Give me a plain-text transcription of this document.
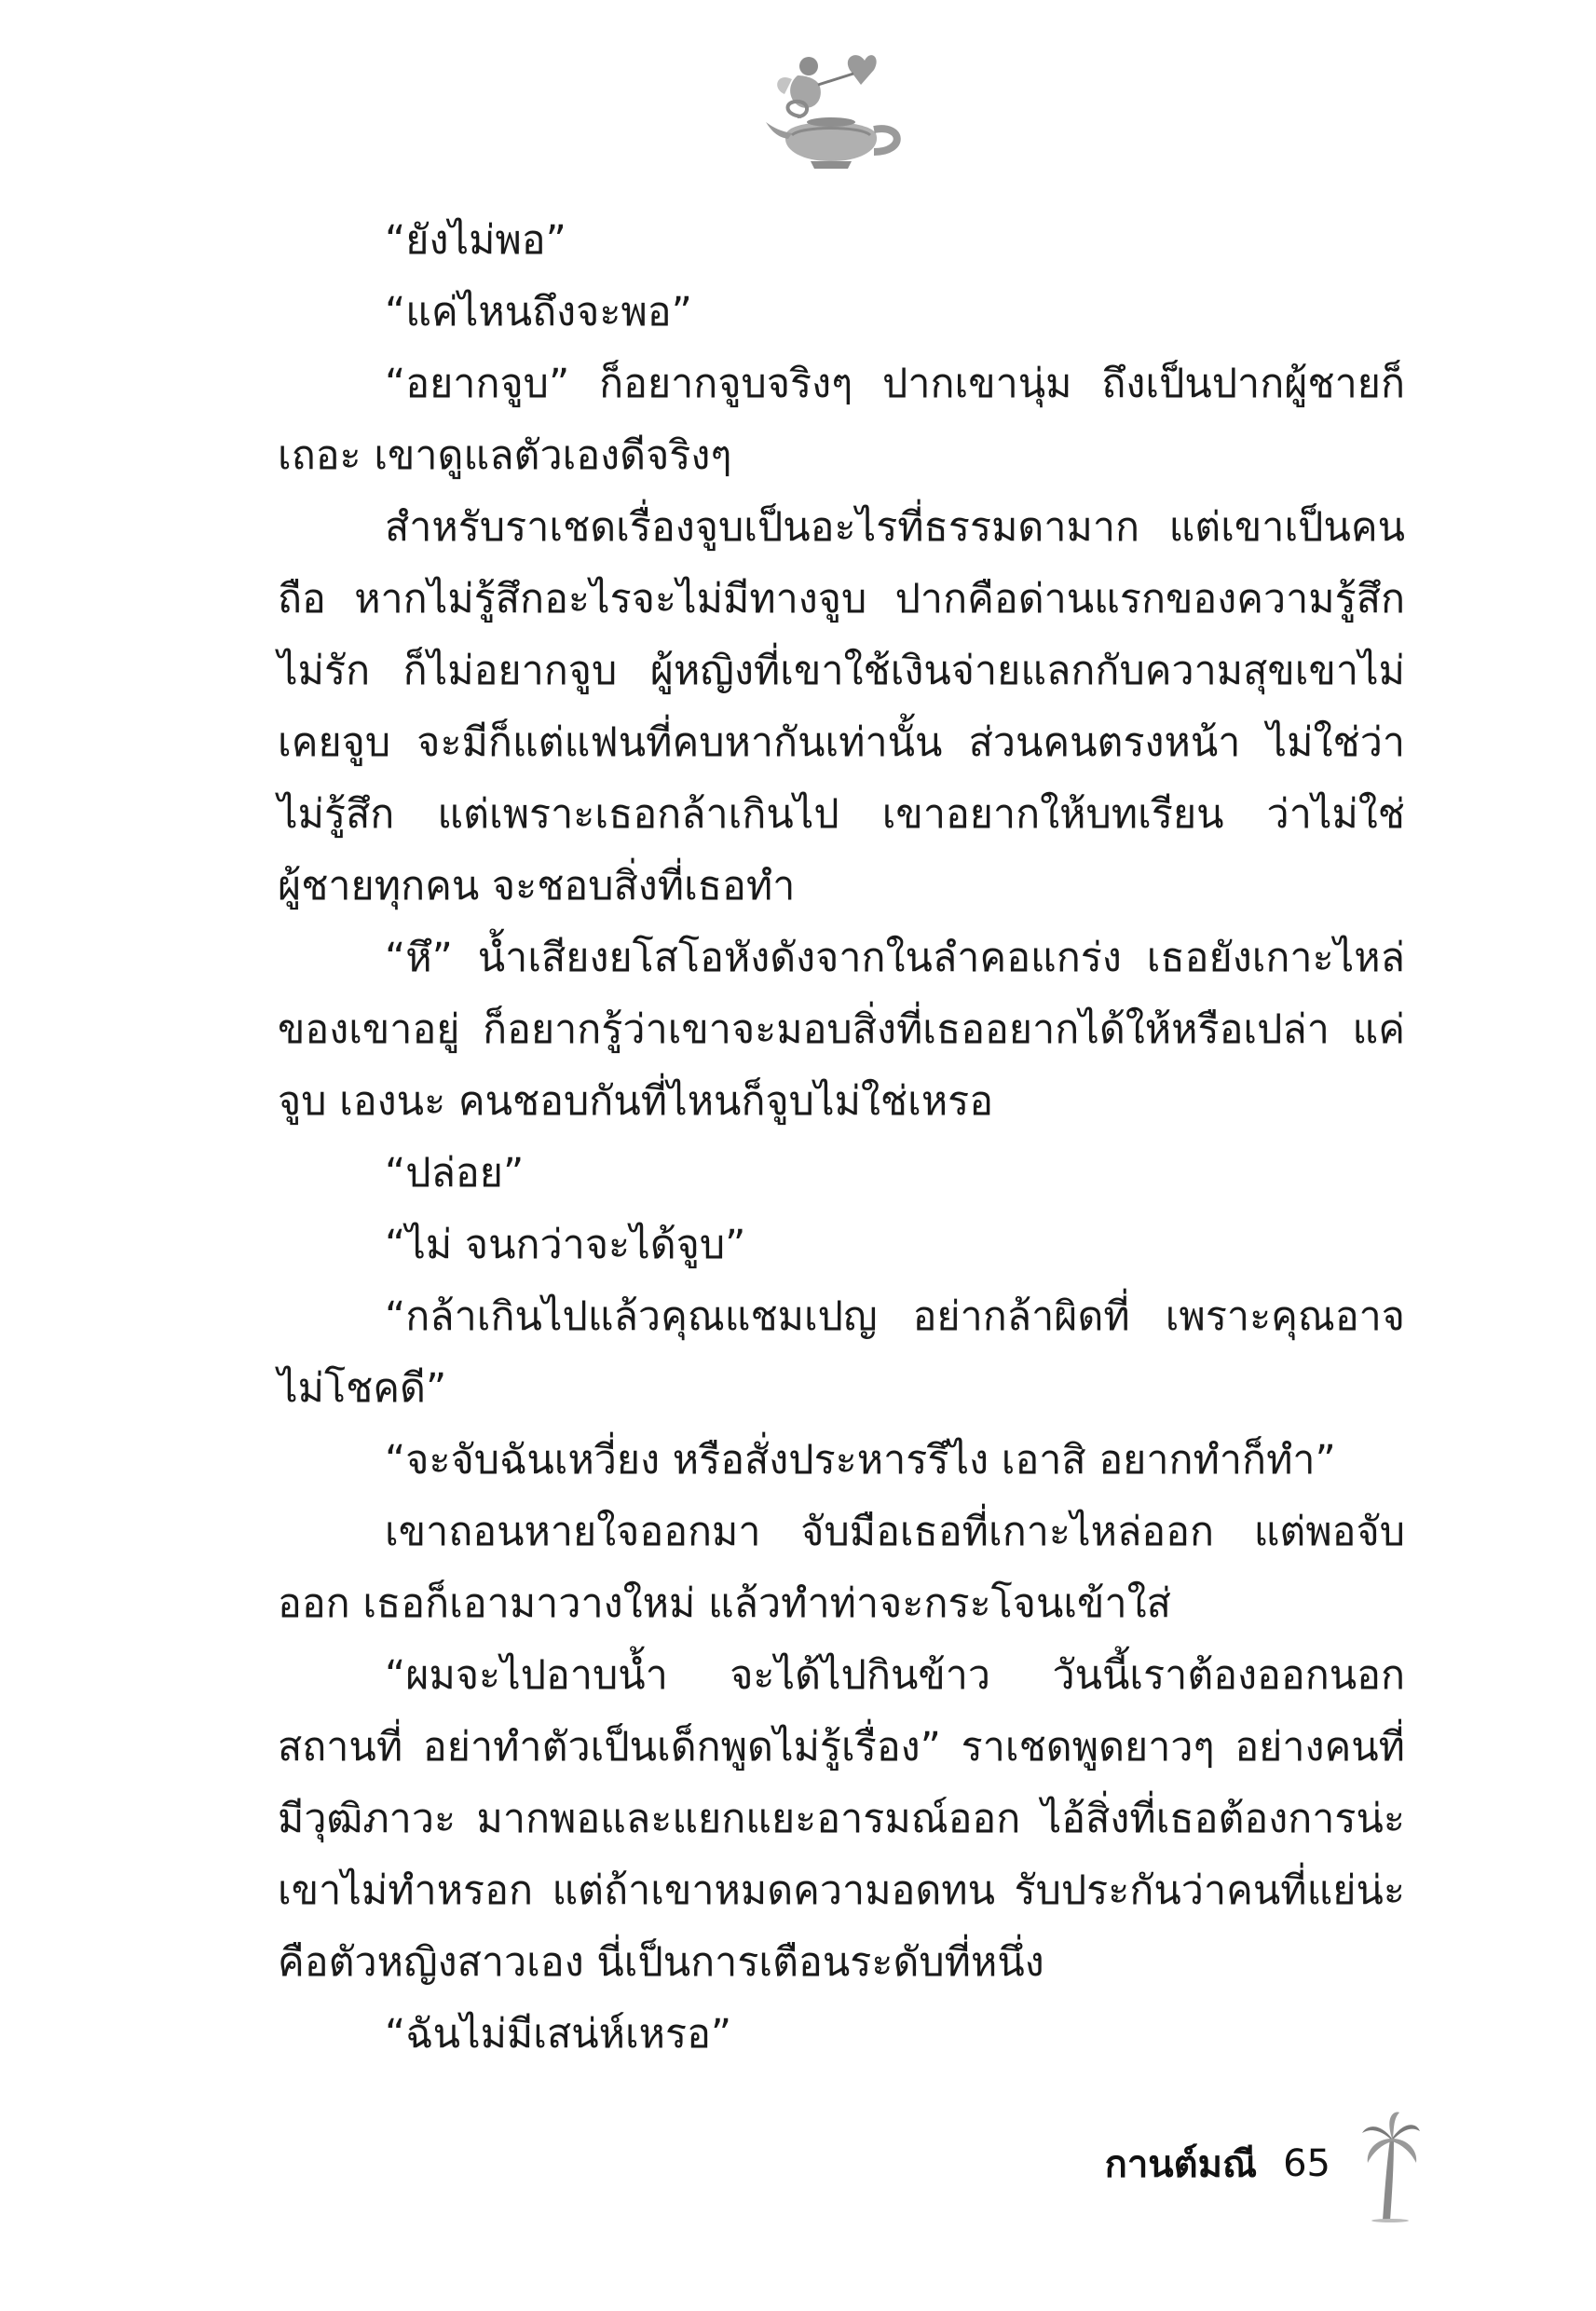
“ยังไม่พอ”

“แค่ไหนถึงจะพอ”

“อยากจูบ” ก็อยากจูบจริงๆ ปากเขานุ่ม ถึงเป็นปากผู้ชายก็เถอะ เขาดูแลตัวเองดีจริงๆ

สำหรับราเชดเรื่องจูบเป็นอะไรที่ธรรมดามาก แต่เขาเป็นคนถือ หากไม่รู้สึกอะไรจะไม่มีทางจูบ ปากคือด่านแรกของความรู้สึก ไม่รัก ก็ไม่อยากจูบ ผู้หญิงที่เขาใช้เงินจ่ายแลกกับความสุขเขาไม่เคยจูบ จะมีก็แต่แฟนที่คบหากันเท่านั้น ส่วนคนตรงหน้า ไม่ใช่ว่าไม่รู้สึก แต่เพราะเธอกล้าเกินไป เขาอยากให้บทเรียน ว่าไม่ใช่ผู้ชายทุกคน จะชอบสิ่งที่เธอทำ

“หึ” น้ำเสียงยโสโอหังดังจากในลำคอแกร่ง เธอยังเกาะไหล่ ของเขาอยู่ ก็อยากรู้ว่าเขาจะมอบสิ่งที่เธออยากได้ให้หรือเปล่า แค่จูบ เองนะ คนชอบกันที่ไหนก็จูบไม่ใช่เหรอ

“ปล่อย”

“ไม่ จนกว่าจะได้จูบ”

“กล้าเกินไปแล้วคุณแชมเปญ อย่ากล้าผิดที่ เพราะคุณอาจ ไม่โชคดี”

“จะจับฉันเหวี่ยง หรือสั่งประหารรึไง เอาสิ อยากทำก็ทำ”

เขาถอนหายใจออกมา จับมือเธอที่เกาะไหล่ออก แต่พอจับออก เธอก็เอามาวางใหม่ แล้วทำท่าจะกระโจนเข้าใส่

“ผมจะไปอาบน้ำ จะได้ไปกินข้าว วันนี้เราต้องออกนอกสถานที่ อย่าทำตัวเป็นเด็กพูดไม่รู้เรื่อง” ราเชดพูดยาวๆ อย่างคนที่มีวุฒิภาวะ มากพอและแยกแยะอารมณ์ออก ไอ้สิ่งที่เธอต้องการน่ะเขาไม่ทำหรอก แต่ถ้าเขาหมดความอดทน รับประกันว่าคนที่แย่น่ะคือตัวหญิงสาวเอง นี่เป็นการเตือนระดับที่หนึ่ง

“ฉันไม่มีเสน่ห์เหรอ”

กานต์มณี 65
